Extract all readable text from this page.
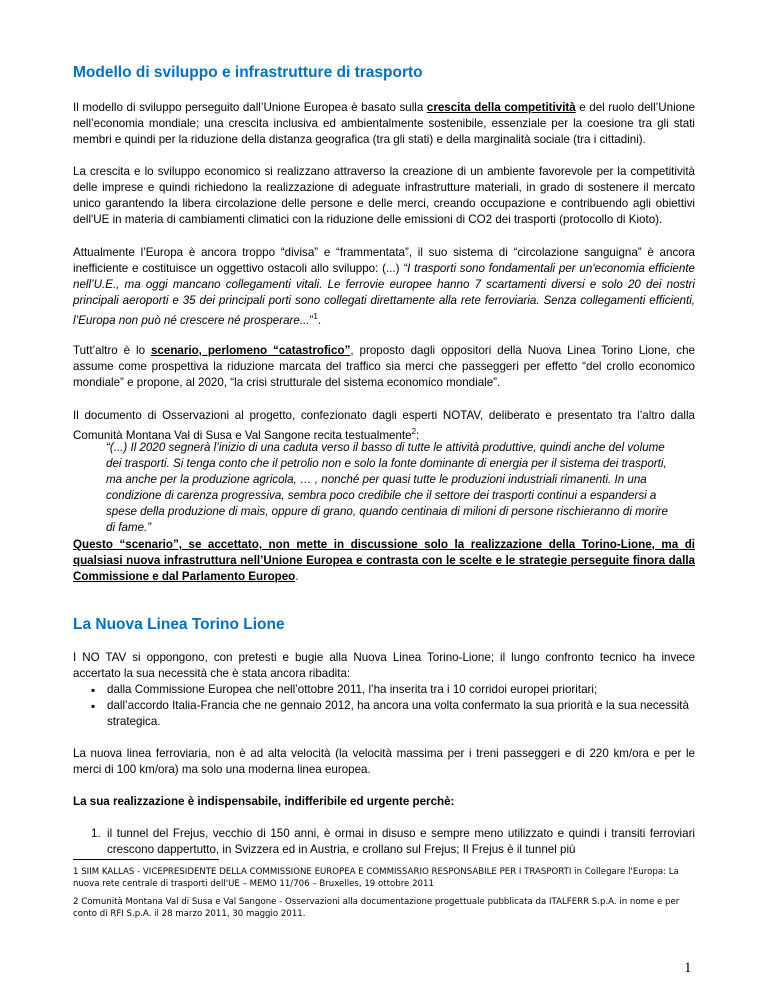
Modello di sviluppo e infrastrutture di trasporto

Il modello di sviluppo perseguito dall’Unione Europea è basato sulla crescita della competitività e del ruolo dell’Unione nell’economia mondiale; una crescita inclusiva ed ambientalmente sostenibile, essenziale per la coesione tra gli stati membri e quindi per la riduzione della distanza geografica (tra gli stati) e della marginalità sociale (tra i cittadini).

La crescita e lo sviluppo economico si realizzano attraverso la creazione di un ambiente favorevole per la competitività delle imprese e quindi richiedono la realizzazione di adeguate infrastrutture materiali, in grado di sostenere il mercato unico garantendo la libera circolazione delle persone e delle merci, creando occupazione e contribuendo agli obiettivi dell'UE in materia di cambiamenti climatici con la riduzione delle emissioni di CO2 dei trasporti (protocollo di Kioto).

Attualmente l’Europa è ancora troppo “divisa” e “frammentata”, il suo sistema di “circolazione sanguigna” è ancora inefficiente e costituisce un oggettivo ostacoli allo sviluppo: (...) “I trasporti sono fondamentali per un'economia efficiente nell’U.E., ma oggi mancano collegamenti vitali. Le ferrovie europee hanno 7 scartamenti diversi e solo 20 dei nostri principali aeroporti e 35 dei principali porti sono collegati direttamente alla rete ferroviaria. Senza collegamenti efficienti, l’Europa non può né crescere né prosperare...”$^1$.

Tutt’altro è lo scenario, perlomeno “catastrofico”, proposto dagli oppositori della Nuova Linea Torino Lione, che assume come prospettiva la riduzione marcata del traffico sia merci che passeggeri per effetto “del crollo economico mondiale” e propone, al 2020, “la crisi strutturale del sistema economico mondiale”.

Il documento di Osservazioni al progetto, confezionato dagli esperti NOTAV, deliberato e presentato tra l’altro dalla Comunità Montana Val di Susa e Val Sangone recita testualmente$^2$:

“(...) Il 2020 segnerà l’inizio di una caduta verso il basso di tutte le attività produttive, quindi anche del volume dei trasporti. Si tenga conto che il petrolio non e solo la fonte dominante di energia per il sistema dei trasporti, ma anche per la produzione agricola, … , nonché per quasi tutte le produzioni industriali rimanenti. In una condizione di carenza progressiva, sembra poco credibile che il settore dei trasporti continui a espandersi a spese della produzione di mais, oppure di grano, quando centinaia di milioni di persone rischieranno di morire di fame.”

Questo “scenario”, se accettato, non mette in discussione solo la realizzazione della Torino-Lione, ma di qualsiasi nuova infrastruttura nell’Unione Europea e contrasta con le scelte e le strategie perseguite finora dalla Commissione e dal Parlamento Europeo.

La Nuova Linea Torino Lione

I NO TAV si oppongono, con pretesti e bugie alla Nuova Linea Torino-Lione; il lungo confronto tecnico ha invece accertato la sua necessità che è stata ancora ribadita:

▪ dalla Commissione Europea che nell’ottobre 2011, l’ha inserita tra i 10 corridoi europei prioritari;
▪ dall’accordo Italia-Francia che ne gennaio 2012, ha ancora una volta confermato la sua priorità e la sua necessità strategica.

La nuova linea ferroviaria, non è ad alta velocità (la velocità massima per i treni passeggeri e di 220 km/ora e per le merci di 100 km/ora) ma solo una moderna linea europea.

La sua realizzazione è indispensabile, indifferibile ed urgente perchè:

1. il tunnel del Frejus, vecchio di 150 anni, è ormai in disuso e sempre meno utilizzato e quindi i transiti ferroviari crescono dappertutto, in Svizzera ed in Austria, e crollano sul Frejus; Il Frejus è il tunnel più

1 SIIM KALLAS - VICEPRESIDENTE DELLA COMMISSIONE EUROPEA E COMMISSARIO RESPONSABILE PER I TRASPORTI in Collegare l'Europa: La nuova rete centrale di trasporti dell'UE – MEMO 11/706 – Bruxelles, 19 ottobre 2011

2 Comunità Montana Val di Susa e Val Sangone - Osservazioni alla documentazione progettuale pubblicata da ITALFERR S.p.A. in nome e per conto di RFI S.p.A. il 28 marzo 2011, 30 maggio 2011.

1
